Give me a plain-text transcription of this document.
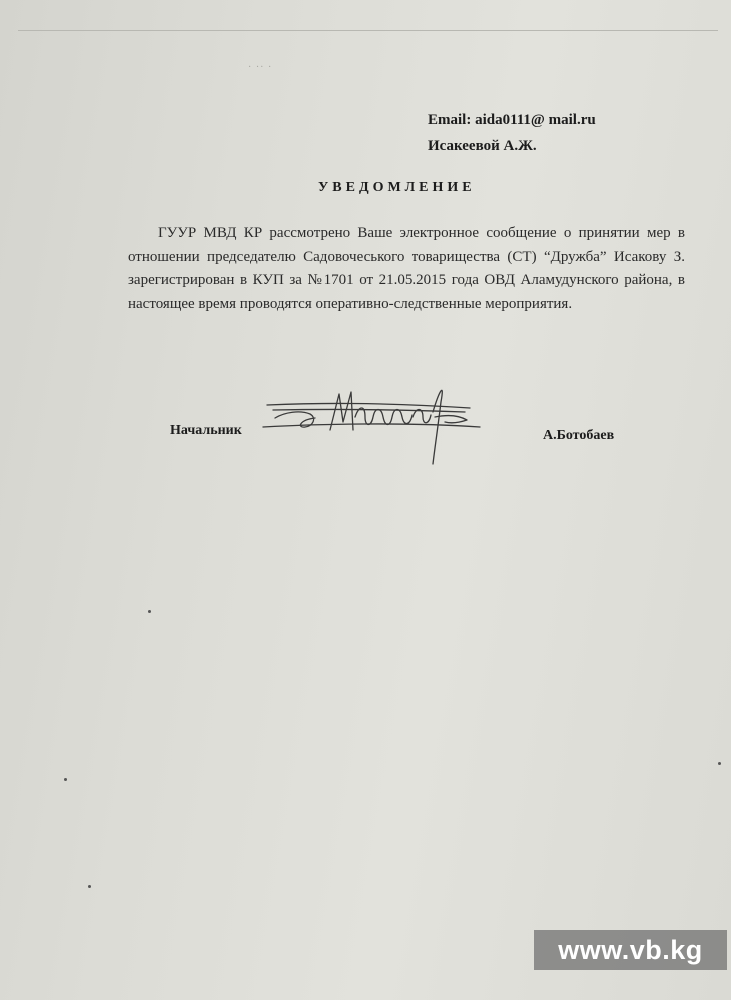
· ·· ·
Email: aida0111@ mail.ru
Исакеевой А.Ж.
УВЕДОМЛЕНИЕ
ГУУР МВД КР рассмотрено Ваше электронное сообщение о принятии мер в отношении председателю Садовочеського товарищества (СТ) “Дружба” Исакову З. зарегистрирован в КУП за №1701 от 21.05.2015 года ОВД Аламудунского района, в настоящее время проводятся оперативно-следственные мероприятия.
Начальник	А.Ботобаев
www.vb.kg
